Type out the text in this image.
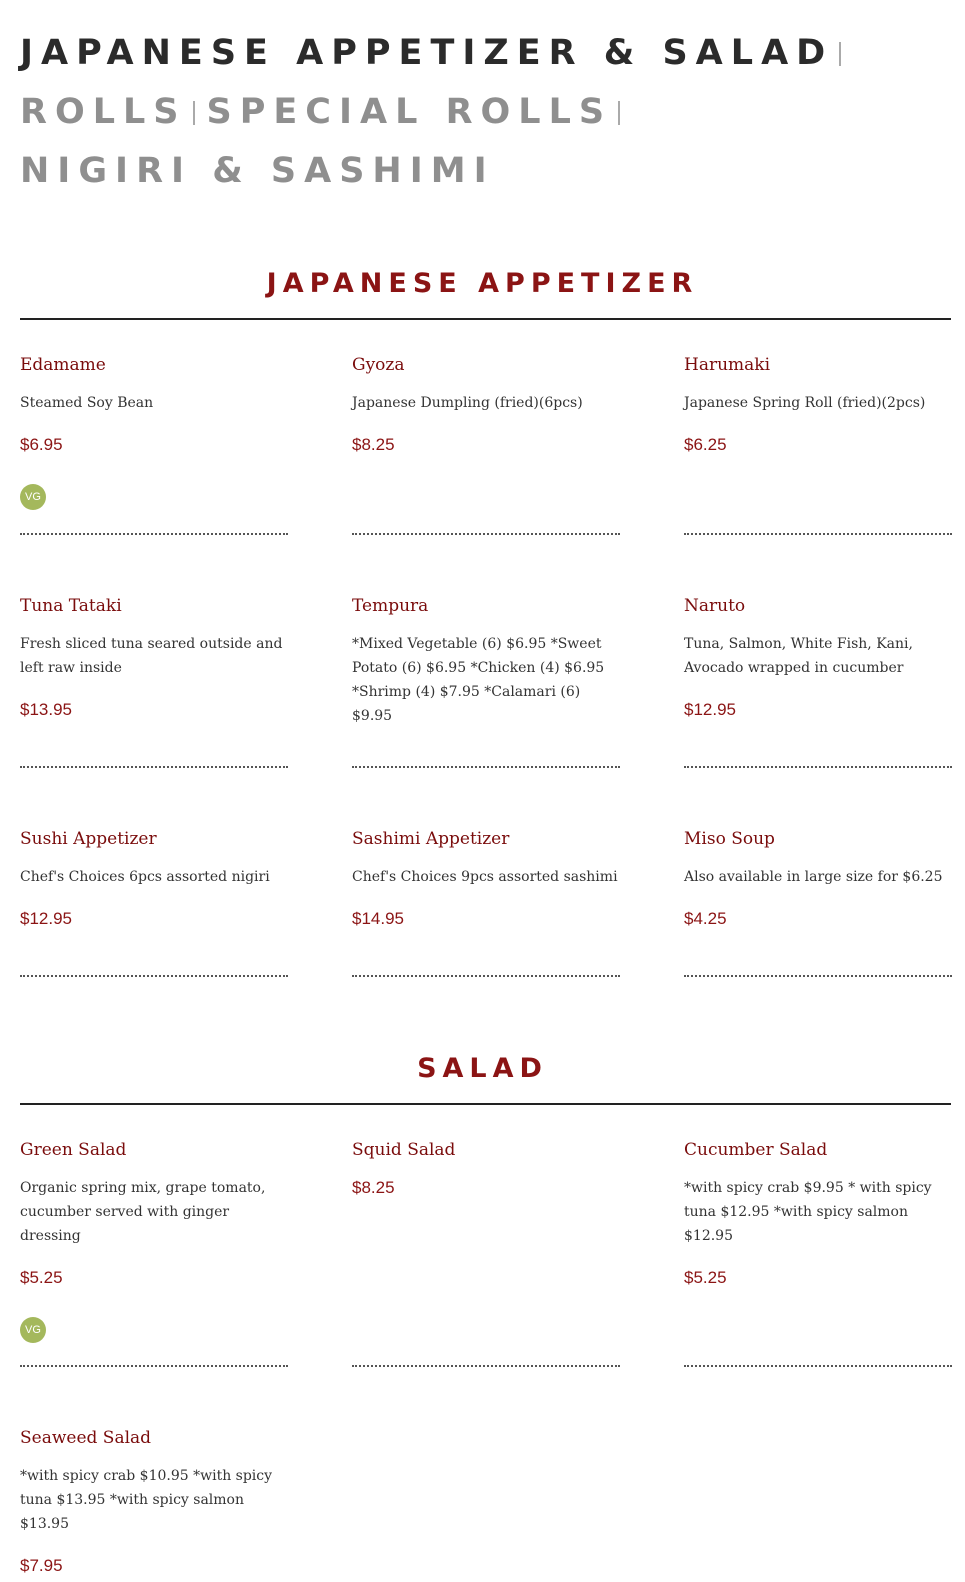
JAPANESE APPETIZER & SALAD
ROLLS SPECIAL ROLLS
NIGIRI & SASHIMI
JAPANESE APPETIZER
Edamame
Steamed Soy Bean
$6.95
VG
Gyoza
Japanese Dumpling (fried)(6pcs)
$8.25
Harumaki
Japanese Spring Roll (fried)(2pcs)
$6.25
Tuna Tataki
Fresh sliced tuna seared outside and left raw inside
$13.95
Tempura
*Mixed Vegetable (6) $6.95 *Sweet Potato (6) $6.95 *Chicken (4) $6.95 *Shrimp (4) $7.95 *Calamari (6) $9.95
Naruto
Tuna, Salmon, White Fish, Kani, Avocado wrapped in cucumber
$12.95
Sushi Appetizer
Chef's Choices 6pcs assorted nigiri
$12.95
Sashimi Appetizer
Chef's Choices 9pcs assorted sashimi
$14.95
Miso Soup
Also available in large size for $6.25
$4.25
SALAD
Green Salad
Organic spring mix, grape tomato, cucumber served with ginger dressing
$5.25
VG
Squid Salad
$8.25
Cucumber Salad
*with spicy crab $9.95 * with spicy tuna $12.95 *with spicy salmon $12.95
$5.25
Seaweed Salad
*with spicy crab $10.95 *with spicy tuna $13.95 *with spicy salmon $13.95
$7.95
